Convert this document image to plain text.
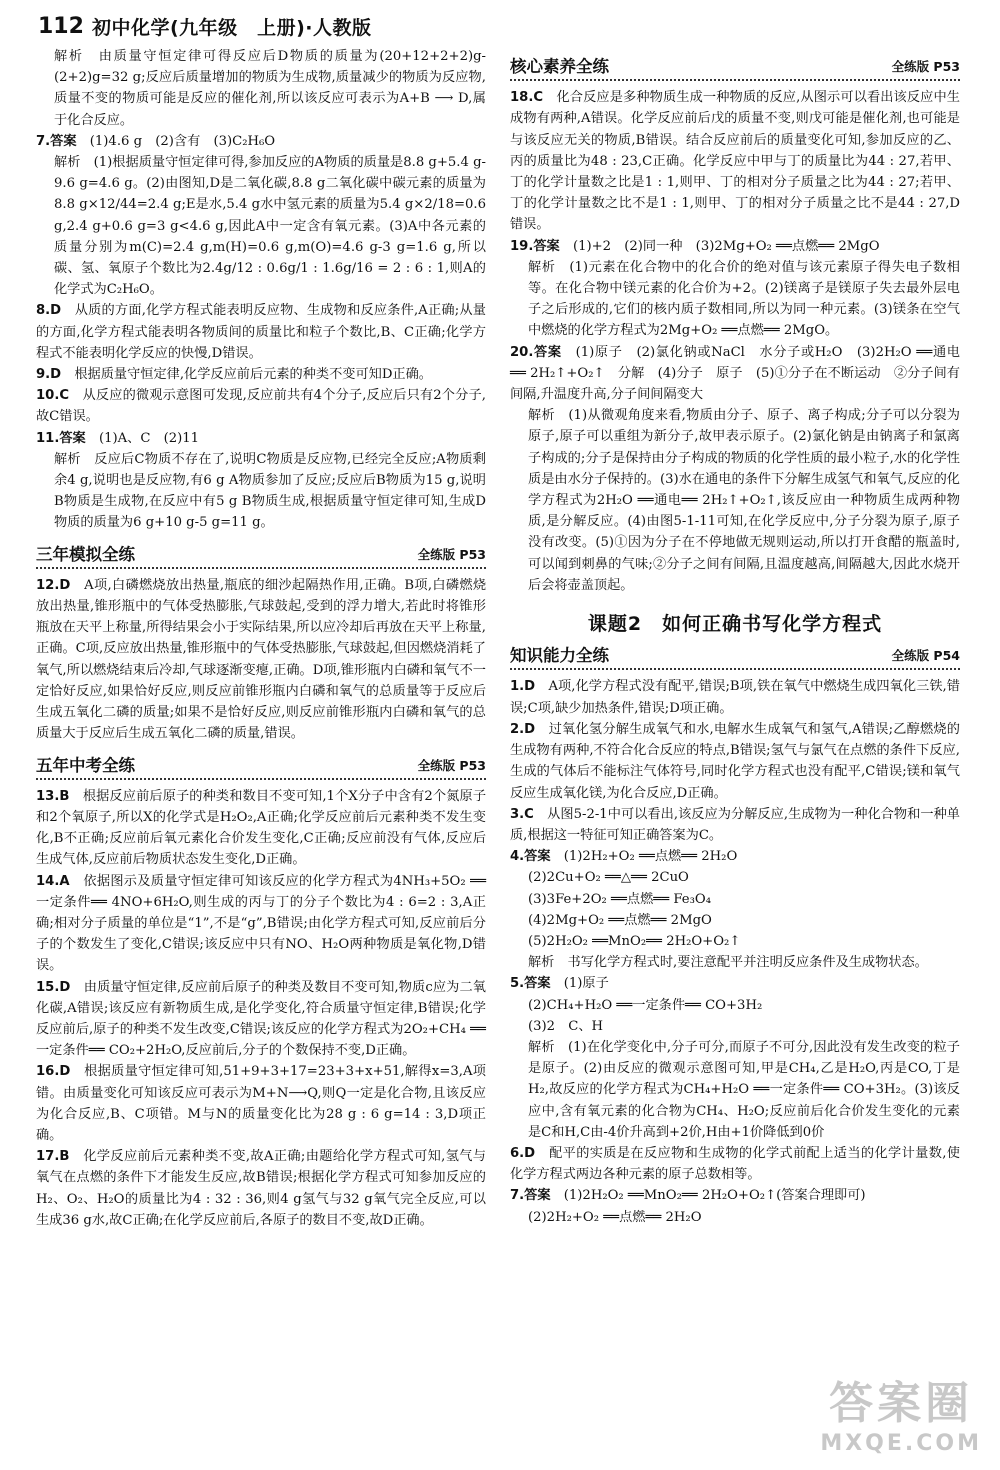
112 初中化学(九年级　上册)·人教版

解析　由质量守恒定律可得反应后D物质的质量为(20+12+2+2)g-(2+2)g=32 g;反应后质量增加的物质为生成物,质量减少的物质为反应物,质量不变的物质可能是反应的催化剂,所以该反应可表示为A+B ⟶ D,属于化合反应。

7.答案　 (1)4.6 g　(2)含有　(3)C₂H₆O

解析　(1)根据质量守恒定律可得,参加反应的A物质的质量是8.8 g+5.4 g-9.6 g=4.6 g。(2)由图知,D是二氧化碳,8.8 g二氧化碳中碳元素的质量为8.8 g×12/44=2.4 g;E是水,5.4 g水中氢元素的质量为5.4 g×2/18=0.6 g,2.4 g+0.6 g=3 g<4.6 g,因此A中一定含有氧元素。(3)A中各元素的质量分别为m(C)=2.4 g,m(H)=0.6 g,m(O)=4.6 g-3 g=1.6 g,所以碳、氢、氧原子个数比为2.4g/12 : 0.6g/1 : 1.6g/16 = 2 : 6 : 1,则A的化学式为C₂H₆O。

8.D　 从质的方面,化学方程式能表明反应物、生成物和反应条件,A正确;从量的方面,化学方程式能表明各物质间的质量比和粒子个数比,B、C正确;化学方程式不能表明化学反应的快慢,D错误。

9.D　 根据质量守恒定律,化学反应前后元素的种类不变可知D正确。

10.C　 从反应的微观示意图可发现,反应前共有4个分子,反应后只有2个分子,故C错误。

11.答案　 (1)A、C　(2)11

解析　反应后C物质不存在了,说明C物质是反应物,已经完全反应;A物质剩余4 g,说明也是反应物,有6 g A物质参加了反应;反应后B物质为15 g,说明B物质是生成物,在反应中有5 g B物质生成,根据质量守恒定律可知,生成D物质的质量为6 g+10 g-5 g=11 g。

三年模拟全练	全练版 P53

12.D　 A项,白磷燃烧放出热量,瓶底的细沙起隔热作用,正确。B项,白磷燃烧放出热量,锥形瓶中的气体受热膨胀,气球鼓起,受到的浮力增大,若此时将锥形瓶放在天平上称量,所得结果会小于实际结果,所以应冷却后再放在天平上称量,正确。C项,反应放出热量,锥形瓶中的气体受热膨胀,气球鼓起,但因燃烧消耗了氧气,所以燃烧结束后冷却,气球逐渐变瘪,正确。D项,锥形瓶内白磷和氧气不一定恰好反应,如果恰好反应,则反应前锥形瓶内白磷和氧气的总质量等于反应后生成五氧化二磷的质量;如果不是恰好反应,则反应前锥形瓶内白磷和氧气的总质量大于反应后生成五氧化二磷的质量,错误。

五年中考全练	全练版 P53

13.B　 根据反应前后原子的种类和数目不变可知,1个X分子中含有2个氮原子和2个氧原子,所以X的化学式是H₂O₂,A正确;化学反应前后元素种类不发生变化,B不正确;反应前后氧元素化合价发生变化,C正确;反应前没有气体,反应后生成气体,反应前后物质状态发生变化,D正确。

14.A　 依据图示及质量守恒定律可知该反应的化学方程式为4NH₃+5O₂ ══一定条件══ 4NO+6H₂O,则生成的丙与丁的分子个数比为4 : 6=2 : 3,A正确;相对分子质量的单位是“1”,不是“g”,B错误;由化学方程式可知,反应前后分子的个数发生了变化,C错误;该反应中只有NO、H₂O两种物质是氧化物,D错误。

15.D　 由质量守恒定律,反应前后原子的种类及数目不变可知,物质c应为二氧化碳,A错误;该反应有新物质生成,是化学变化,符合质量守恒定律,B错误;化学反应前后,原子的种类不发生改变,C错误;该反应的化学方程式为2O₂+CH₄ ══一定条件══ CO₂+2H₂O,反应前后,分子的个数保持不变,D正确。

16.D　 根据质量守恒定律可知,51+9+3+17=23+3+x+51,解得x=3,A项错。由质量变化可知该反应可表示为M+N⟶Q,则Q一定是化合物,且该反应为化合反应,B、C项错。M与N的质量变化比为28 g : 6 g=14 : 3,D项正确。

17.B　 化学反应前后元素种类不变,故A正确;由题给化学方程式可知,氢气与氧气在点燃的条件下才能发生反应,故B错误;根据化学方程式可知参加反应的H₂、O₂、H₂O的质量比为4 : 32 : 36,则4 g氢气与32 g氧气完全反应,可以生成36 g水,故C正确;在化学反应前后,各原子的数目不变,故D正确。

核心素养全练	全练版 P53

18.C　 化合反应是多种物质生成一种物质的反应,从图示可以看出该反应中生成物有两种,A错误。化学反应前后戊的质量不变,则戊可能是催化剂,也可能是与该反应无关的物质,B错误。结合反应前后的质量变化可知,参加反应的乙、丙的质量比为48 : 23,C正确。化学反应中甲与丁的质量比为44 : 27,若甲、丁的化学计量数之比是1 : 1,则甲、丁的相对分子质量之比为44 : 27;若甲、丁的化学计量数之比不是1 : 1,则甲、丁的相对分子质量之比不是44 : 27,D错误。

19.答案　 (1)+2　(2)同一种　(3)2Mg+O₂ ══点燃══ 2MgO

解析　(1)元素在化合物中的化合价的绝对值与该元素原子得失电子数相等。在化合物中镁元素的化合价为+2。(2)镁离子是镁原子失去最外层电子之后形成的,它们的核内质子数相同,所以为同一种元素。(3)镁条在空气中燃烧的化学方程式为2Mg+O₂ ══点燃══ 2MgO。

20.答案　 (1)原子　(2)氯化钠或NaCl　水分子或H₂O　(3)2H₂O ══通电══ 2H₂↑+O₂↑　分解　(4)分子　原子　(5)①分子在不断运动　②分子间有间隔,升温度升高,分子间间隔变大

解析　(1)从微观角度来看,物质由分子、原子、离子构成;分子可以分裂为原子,原子可以重组为新分子,故甲表示原子。(2)氯化钠是由钠离子和氯离子构成的;分子是保持由分子构成的物质的化学性质的最小粒子,水的化学性质是由水分子保持的。(3)水在通电的条件下分解生成氢气和氧气,反应的化学方程式为2H₂O ══通电══ 2H₂↑+O₂↑,该反应由一种物质生成两种物质,是分解反应。(4)由图5-1-11可知,在化学反应中,分子分裂为原子,原子没有改变。(5)①因为分子在不停地做无规则运动,所以打开食醋的瓶盖时,可以闻到刺鼻的气味;②分子之间有间隔,且温度越高,间隔越大,因此水烧开后会将壶盖顶起。

课题2　如何正确书写化学方程式
知识能力全练	全练版 P54

1.D　 A项,化学方程式没有配平,错误;B项,铁在氧气中燃烧生成四氧化三铁,错误;C项,缺少加热条件,错误;D项正确。

2.D　 过氧化氢分解生成氧气和水,电解水生成氧气和氢气,A错误;乙醇燃烧的生成物有两种,不符合化合反应的特点,B错误;氢气与氯气在点燃的条件下反应,生成的气体后不能标注气体符号,同时化学方程式也没有配平,C错误;镁和氧气反应生成氧化镁,为化合反应,D正确。

3.C　 从图5-2-1中可以看出,该反应为分解反应,生成物为一种化合物和一种单质,根据这一特征可知正确答案为C。

4.答案　 (1)2H₂+O₂ ══点燃══ 2H₂O

(2)2Cu+O₂ ══△══ 2CuO

(3)3Fe+2O₂ ══点燃══ Fe₃O₄

(4)2Mg+O₂ ══点燃══ 2MgO

(5)2H₂O₂ ══MnO₂══ 2H₂O+O₂↑

解析　书写化学方程式时,要注意配平并注明反应条件及生成物状态。

5.答案　 (1)原子

(2)CH₄+H₂O ══一定条件══ CO+3H₂

(3)2　C、H

解析　(1)在化学变化中,分子可分,而原子不可分,因此没有发生改变的粒子是原子。(2)由反应的微观示意图可知,甲是CH₄,乙是H₂O,丙是CO,丁是H₂,故反应的化学方程式为CH₄+H₂O ══一定条件══ CO+3H₂。(3)该反应中,含有氧元素的化合物为CH₄、H₂O;反应前后化合价发生变化的元素是C和H,C由-4价升高到+2价,H由+1价降低到0价

6.D　 配平的实质是在反应物和生成物的化学式前配上适当的化学计量数,使化学方程式两边各种元素的原子总数相等。

7.答案　 (1)2H₂O₂ ══MnO₂══ 2H₂O+O₂↑(答案合理即可)

(2)2H₂+O₂ ══点燃══ 2H₂O

答案圈
MXQE.COM
